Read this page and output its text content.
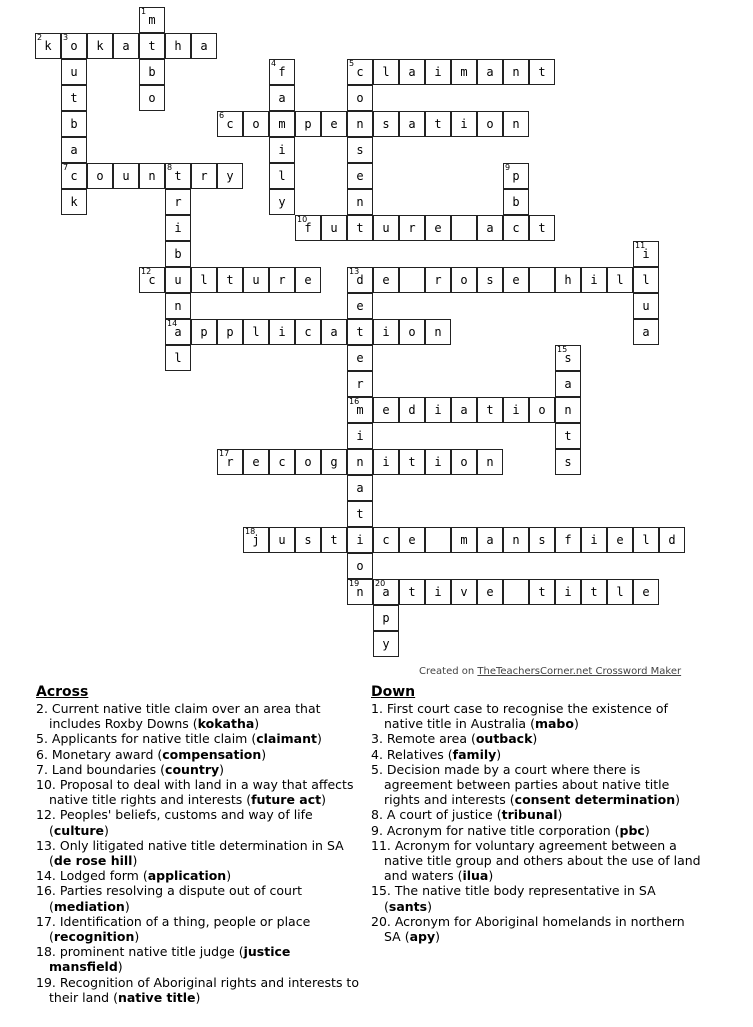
1
m
2
k
3
o	k	a	t	h	a
u	b
4
f
5
c	l	a	i	m	a	n	t
t	o	a	o
b
6
c	o	m	p	e	n	s	a	t	i	o	n
a	i	s
7
c	o	u	n
8
t	r	y	l	e
9
p
k	r	y	n	b
i
10
f	u	t	u	r	e	a	c	t
b
11
i
u	l	t	u	r	e
13
d	e	r	o	s	e	h	i	l	l
12
c
n	e	u
14
a	p	p	l	i	c	a	t	i	o	n	a
l	e
15
s
r	a
16
m	e	d	i	a	t	i	o	n
i	t
17
r	e	c	o	g	n	i	t	i	o	n	s
a
t
18
j	u	s	t	i	c	e	m	a	n	s	f	i	e	l	d
o
19
n
20
a	t	i	v	e	t	i	t	l	e
p
y
Created on TheTeachersCorner.net Crossword Maker
Across

2. Current native title claim over an area that includes Roxby Downs (kokatha)

5. Applicants for native title claim (claimant)

6. Monetary award (compensation)

7. Land boundaries (country)

10. Proposal to deal with land in a way that affects native title rights and interests (future act)

12. Peoples' beliefs, customs and way of life (culture)

13. Only litigated native title determination in SA (de rose hill)

14. Lodged form (application)

16. Parties resolving a dispute out of court (mediation)

17. Identification of a thing, people or place (recognition)

18. prominent native title judge (justice mansfield)

19. Recognition of Aboriginal rights and interests to their land (native title)

Down

1. First court case to recognise the existence of native title in Australia (mabo)

3. Remote area (outback)

4. Relatives (family)

5. Decision made by a court where there is agreement between parties about native title rights and interests (consent determination)

8. A court of justice (tribunal)

9. Acronym for native title corporation (pbc)

11. Acronym for voluntary agreement between a native title group and others about the use of land and waters (ilua)

15. The native title body representative in SA (sants)

20. Acronym for Aboriginal homelands in northern SA (apy)
